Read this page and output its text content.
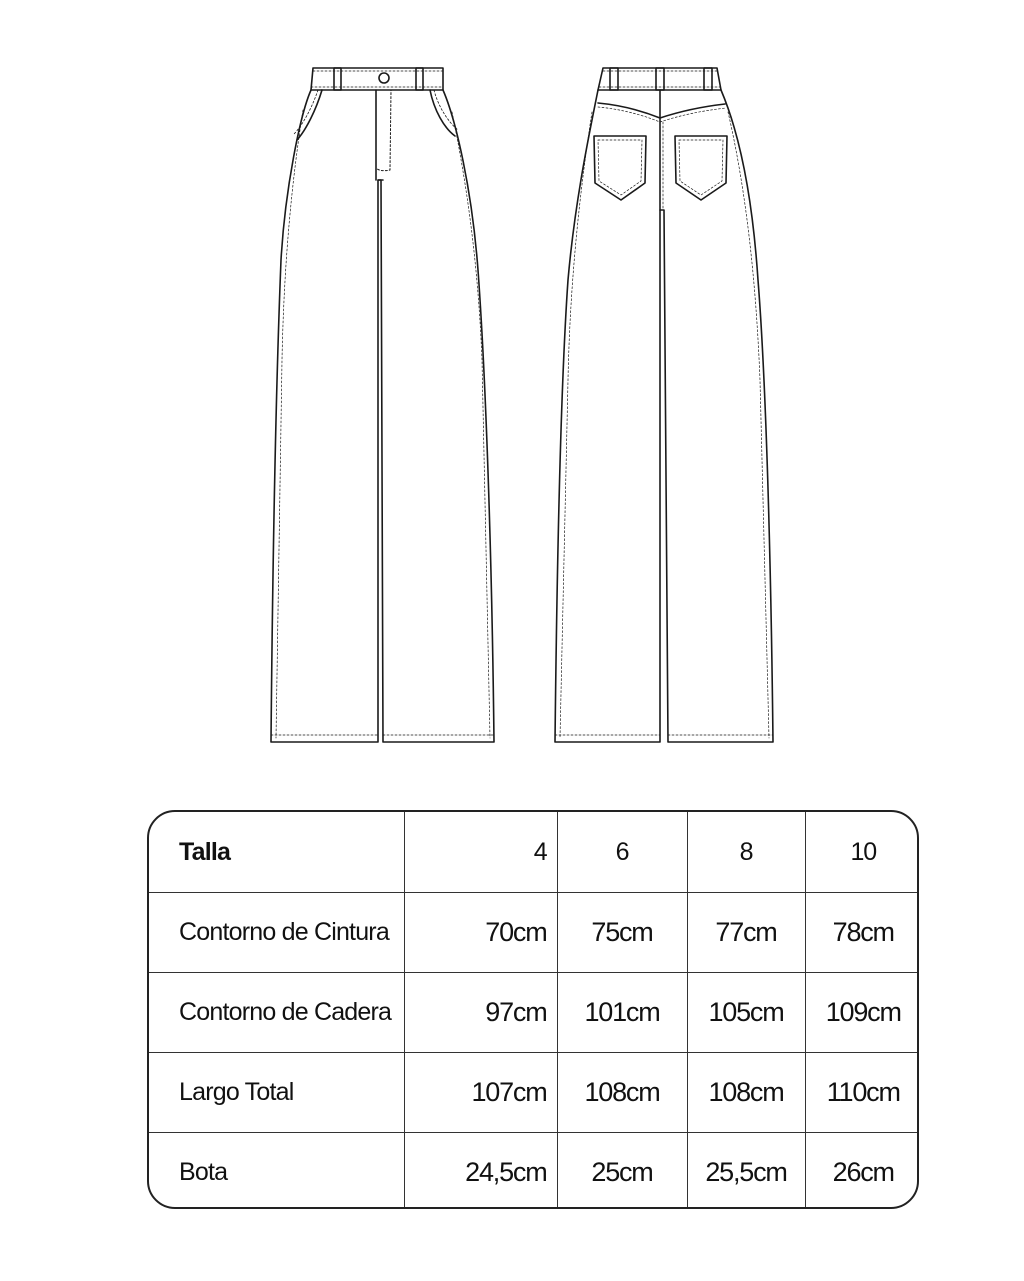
Talla	4	6	8	10
Contorno de Cintura	70cm	75cm	77cm	78cm
Contorno de Cadera	97cm	101cm	105cm	109cm
Largo Total	107cm	108cm	108cm	110cm
Bota	24,5cm	25cm	25,5cm	26cm
